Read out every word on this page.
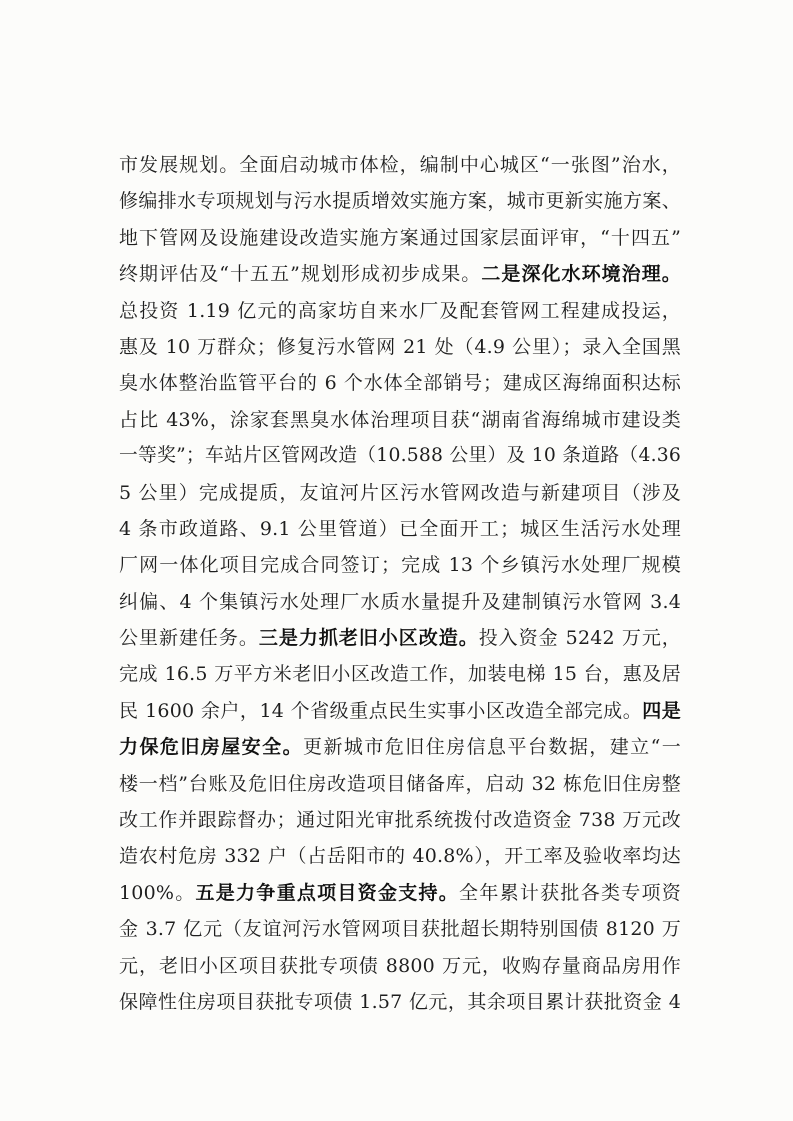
市发展规划。全面启动城市体检，编制中心城区“一张图”治水，
修编排水专项规划与污水提质增效实施方案，城市更新实施方案、
地下管网及设施建设改造实施方案通过国家层面评审，“十四五”
终期评估及“十五五”规划形成初步成果。二是深化水环境治理。
总投资 1.19 亿元的高家坊自来水厂及配套管网工程建成投运，
惠及 10 万群众；修复污水管网 21 处（4.9 公里）；录入全国黑
臭水体整治监管平台的 6 个水体全部销号；建成区海绵面积达标
占比 43%，涂家套黑臭水体治理项目获“湖南省海绵城市建设类
一等奖”；车站片区管网改造（10.588 公里）及 10 条道路（4.36
5 公里）完成提质，友谊河片区污水管网改造与新建项目（涉及
4 条市政道路、9.1 公里管道）已全面开工；城区生活污水处理
厂网一体化项目完成合同签订；完成 13 个乡镇污水处理厂规模
纠偏、4 个集镇污水处理厂水质水量提升及建制镇污水管网 3.4
公里新建任务。三是力抓老旧小区改造。投入资金 5242 万元，
完成 16.5 万平方米老旧小区改造工作，加装电梯 15 台，惠及居
民 1600 余户，14 个省级重点民生实事小区改造全部完成。四是
力保危旧房屋安全。更新城市危旧住房信息平台数据，建立“一
楼一档”台账及危旧住房改造项目储备库，启动 32 栋危旧住房整
改工作并跟踪督办；通过阳光审批系统拨付改造资金 738 万元改
造农村危房 332 户（占岳阳市的 40.8%），开工率及验收率均达
100%。五是力争重点项目资金支持。全年累计获批各类专项资
金 3.7 亿元（友谊河污水管网项目获批超长期特别国债 8120 万
元，老旧小区项目获批专项债 8800 万元，收购存量商品房用作
保障性住房项目获批专项债 1.57 亿元，其余项目累计获批资金 4
